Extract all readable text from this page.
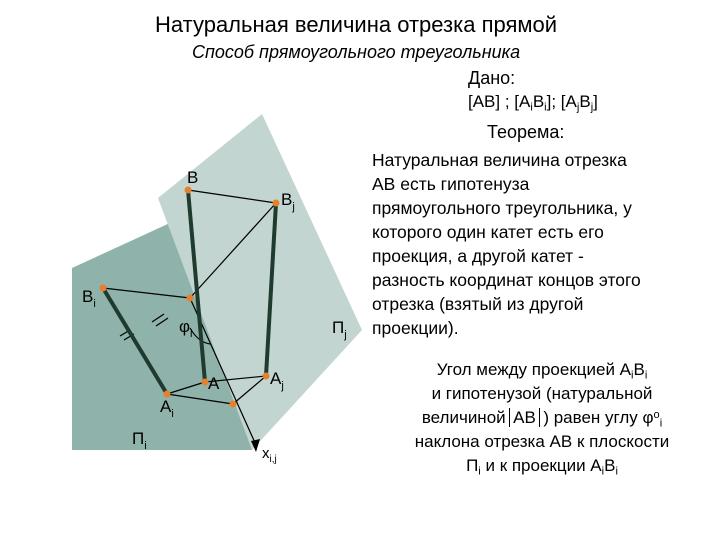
Натуральная величина отрезка прямой
Способ прямоугольного треугольника
Дано:
[AB] ; $[A_iB_i]$; $[A_jB_j]$
Теорема:
Натуральная величина отрезка
АВ есть гипотенуза
прямоугольного треугольника, у
которого один катет есть его
проекция, а другой катет -
разность координат концов этого
отрезка (взятый из другой
проекции).
Угол между проекцией $A_iB_i$
и гипотенузой (натуральной
величиной AB ) равен углу $\varphi^o_i$
наклона отрезка АВ к плоскости
$П_i$ и к проекции $A_iB_i$
B
$B_j$
$B_i$
$\varphi_i$	$П_j$
A	$A_j$
$A_i$
$П_i$	$x_{i,j}$
